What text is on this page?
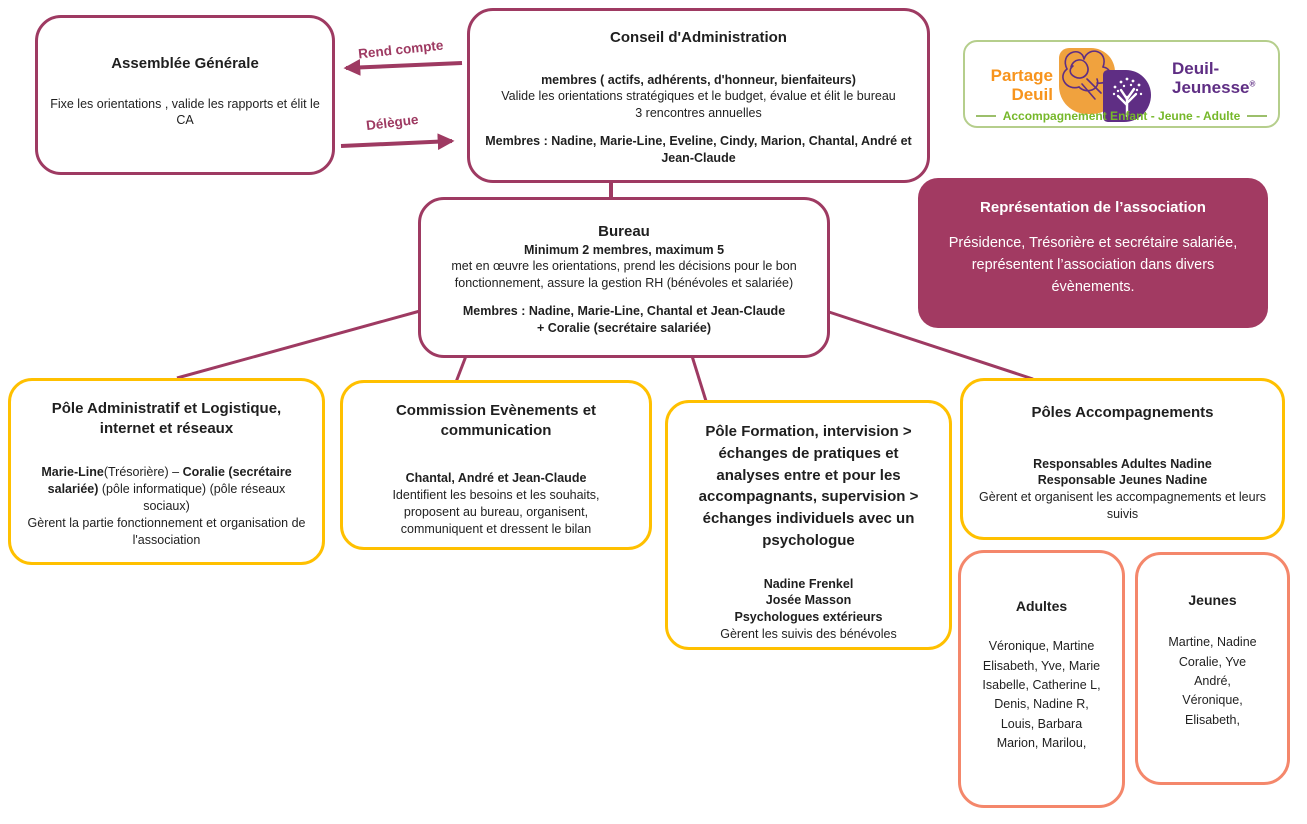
Rend compte
Délègue
Assemblée Générale
Fixe les orientations , valide les rapports et élit le CA
Conseil d'Administration

membres ( actifs, adhérents, d'honneur, bienfaiteurs)
Valide les orientations stratégiques et le budget, évalue et élit le bureau
3 rencontres annuelles

Membres : Nadine, Marie-Line, Eveline, Cindy, Marion, Chantal, André et Jean-Claude
Partage
Deuil
Deuil-
Jeunesse®
Accompagnement Enfant - Jeune - Adulte
Représentation de l’association
Présidence, Trésorière et secrétaire salariée, représentent l’association dans divers évènements.
Bureau
Minimum 2 membres, maximum 5
met en œuvre les orientations, prend les décisions pour le bon fonctionnement, assure la gestion RH (bénévoles et salariée)

Membres : Nadine, Marie-Line, Chantal et Jean-Claude
+ Coralie (secrétaire salariée)
Pôle Administratif et Logistique, internet et réseaux
Marie-Line(Trésorière) – Coralie (secrétaire salariée) (pôle informatique) (pôle réseaux sociaux)
Gèrent la partie fonctionnement et organisation de l'association
Commission Evènements et communication
Chantal, André et Jean-Claude
Identifient les besoins et les souhaits, proposent au bureau, organisent, communiquent et dressent le bilan
Pôle Formation, intervision > échanges de pratiques et analyses entre et pour les accompagnants, supervision > échanges individuels avec un psychologue
Nadine Frenkel
Josée Masson
Psychologues extérieurs
Gèrent les suivis des bénévoles
Pôles Accompagnements

Responsables Adultes Nadine
Responsable Jeunes Nadine
Gèrent et organisent les accompagnements et leurs suivis
Adultes
Véronique, Martine
Elisabeth, Yve, Marie
Isabelle, Catherine L,
Denis, Nadine R,
Louis, Barbara
Marion, Marilou,
Jeunes
Martine, Nadine
Coralie, Yve
André,
Véronique,
Elisabeth,
